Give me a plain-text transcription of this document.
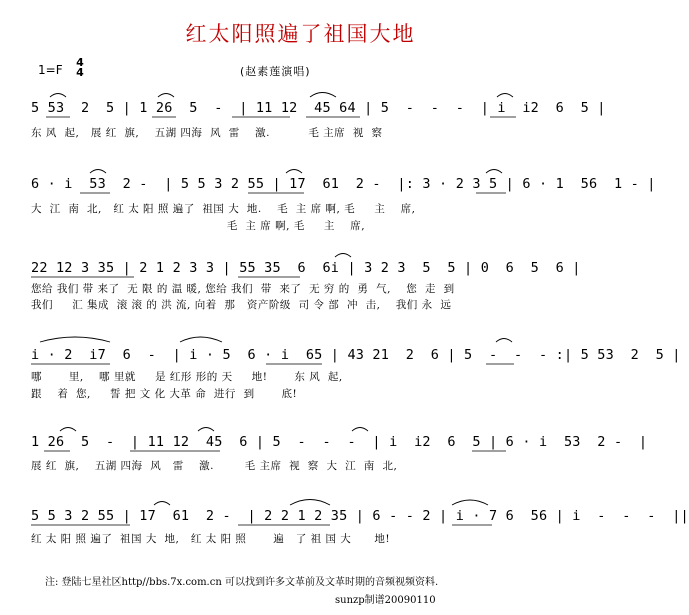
红太阳照遍了祖国大地
1=F
4
4	(赵素莲演唱)
5 53  2  5 | 1 26  5  -  | 11 12  45 64 | 5  -  -  -  | i  i2  6  5 |
东 风  起,   展 红  旗,    五湖 四海  风  雷    激.          毛 主席  视  察
6 · i  53  2 -  | 5 5 3 2 55 | 17  61  2 -  |: 3 · 2 3 5 | 6 · 1  56  1 - |
大  江  南  北,   红 太 阳 照 遍了  祖国 大  地.    毛  主 席 啊, 毛     主    席,
毛  主 席 啊, 毛     主    席,
22 12 3 35 | 2 1 2 3 3 | 55 35  6  6i | 3 2 3  5  5 | 0  6  5  6 |
您给 我们 带 来了  无 限 的 温 暖, 您给 我们  带  来了  无 穷 的  勇  气,    您  走  到
我们     汇 集成  滚 滚 的 洪 流, 向着  那   资产阶级  司 令 部  冲  击,    我们 永  远
i · 2  i7  6  -  | i · 5  6 · i  65 | 43 21  2  6 | 5  -  -  - :| 5 53  2  5 |
哪       里,    哪 里就     是 红形 形的 天     地!       东 风  起,
跟    着  您,     誓 把 文 化 大革 命  进行  到       底!
1 26  5  -  | 11 12  45  6 | 5  -  -  -  | i  i2  6  5 | 6 · i  53  2 -  |
展 红  旗,    五湖 四海  风   雷    激.        毛 主席  视  察  大  江  南  北,
5 5 3 2 55 | 17  61  2 -  | 2 2 1 2 35 | 6 - - 2 | i · 7 6  56 | i  -  -  -  ||
红 太 阳 照 遍了  祖国 大  地,   红 太 阳 照       遍   了 祖 国 大      地!
注: 登陆七星社区http//bbs.7x.com.cn 可以找到许多文革前及文革时期的音频视频资料.
sunzp制谱20090110
